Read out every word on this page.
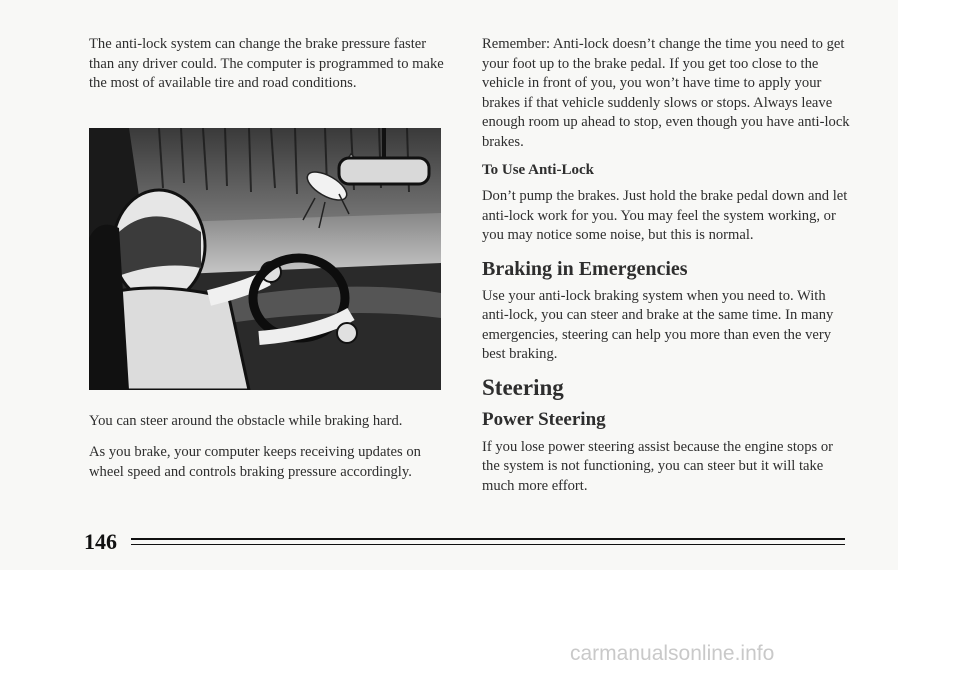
The anti-lock system can change the brake pressure faster than any driver could. The computer is programmed to make the most of available tire and road conditions.

You can steer around the obstacle while braking hard.

As you brake, your computer keeps receiving updates on wheel speed and controls braking pressure accordingly.

Remember: Anti-lock doesn’t change the time you need to get your foot up to the brake pedal. If you get too close to the vehicle in front of you, you won’t have time to apply your brakes if that vehicle suddenly slows or stops. Always leave enough room up ahead to stop, even though you have anti-lock brakes.

To Use Anti-Lock

Don’t pump the brakes. Just hold the brake pedal down and let anti-lock work for you. You may feel the system working, or you may notice some noise, but this is normal.

Braking in Emergencies

Use your anti-lock braking system when you need to. With anti-lock, you can steer and brake at the same time. In many emergencies, steering can help you more than even the very best braking.

Steering
Power Steering

If you lose power steering assist because the engine stops or the system is not functioning, you can steer but it will take much more effort.

146
carmanualsonline.info
